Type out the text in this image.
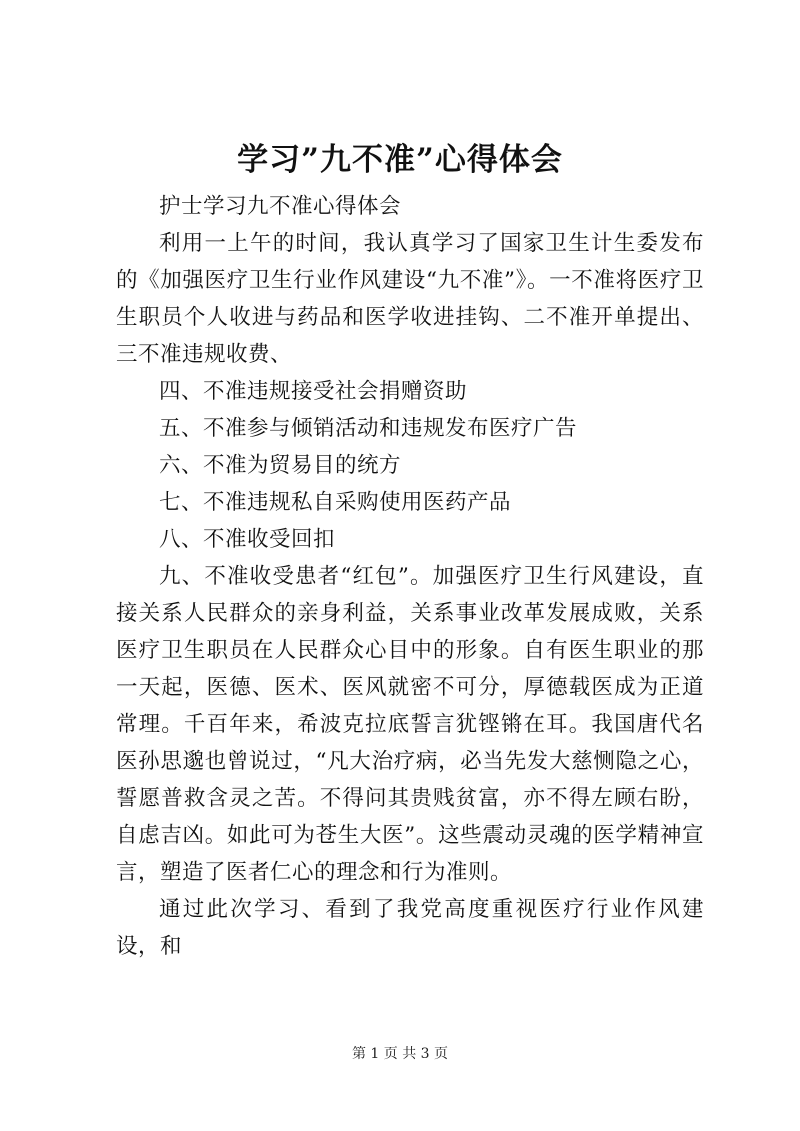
学习”九不准”心得体会

护士学习九不准心得体会

利用一上午的时间，我认真学习了国家卫生计生委发布的《加强医疗卫生行业作风建设“九不准”》。一不准将医疗卫生职员个人收进与药品和医学收进挂钩、二不准开单提出、三不准违规收费、

四、不准违规接受社会捐赠资助

五、不准参与倾销活动和违规发布医疗广告

六、不准为贸易目的统方

七、不准违规私自采购使用医药产品

八、不准收受回扣

九、不准收受患者“红包”。加强医疗卫生行风建设，直接关系人民群众的亲身利益，关系事业改革发展成败，关系医疗卫生职员在人民群众心目中的形象。自有医生职业的那一天起，医德、医术、医风就密不可分，厚德载医成为正道常理。千百年来，希波克拉底誓言犹铿锵在耳。我国唐代名医孙思邈也曾说过，“凡大治疗病，必当先发大慈恻隐之心，誓愿普救含灵之苦。不得问其贵贱贫富，亦不得左顾右盼，自虑吉凶。如此可为苍生大医”。这些震动灵魂的医学精神宣言，塑造了医者仁心的理念和行为准则。

通过此次学习、看到了我党高度重视医疗行业作风建设，和

第 1 页 共 3 页
